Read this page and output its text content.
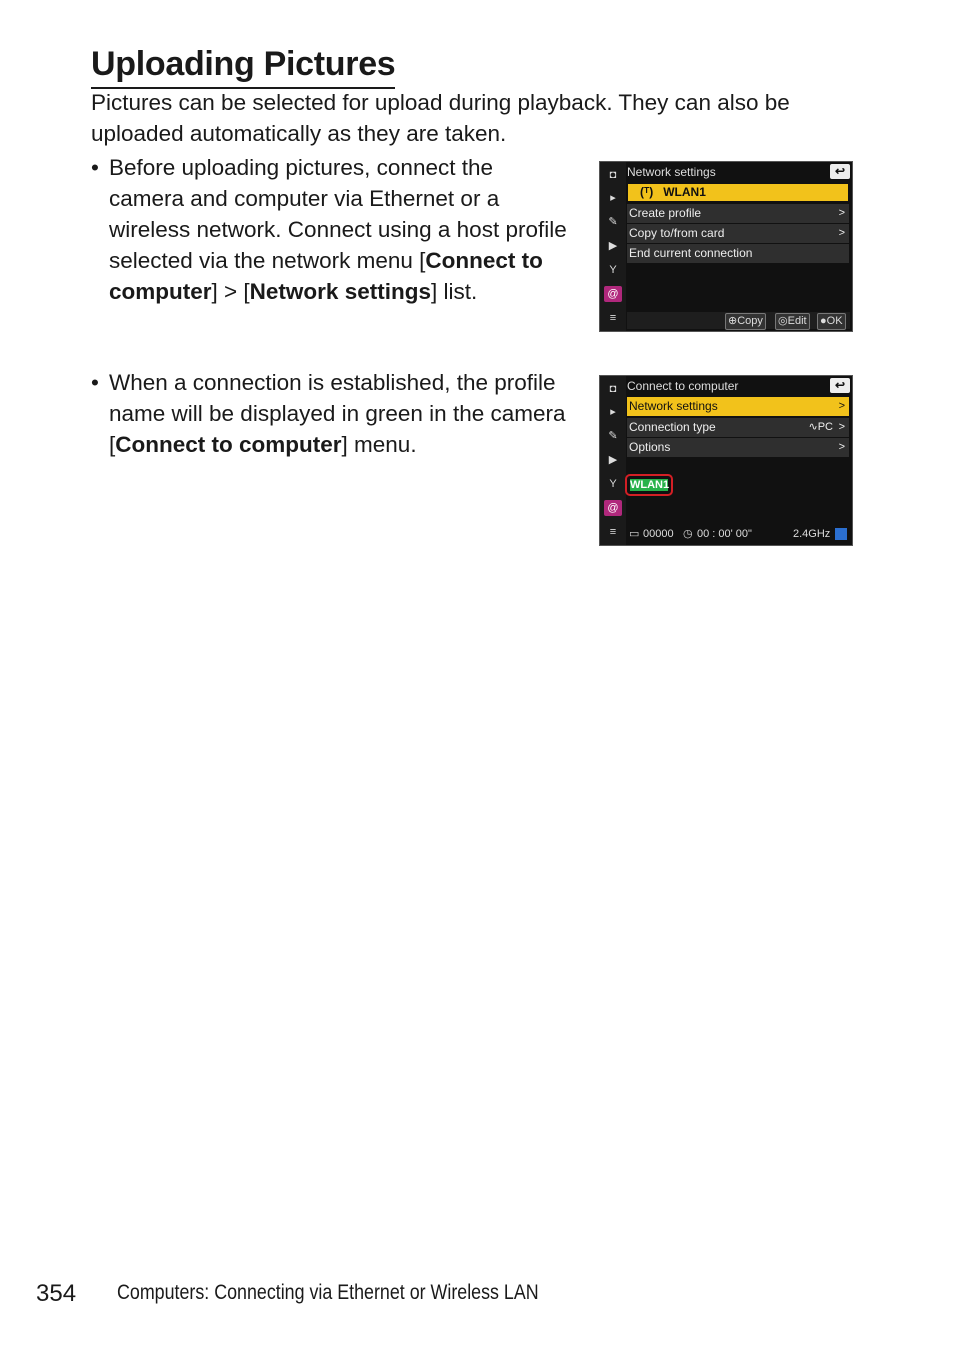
Uploading Pictures

Pictures can be selected for upload during playback. They can also be uploaded automatically as they are taken.

• Before uploading pictures, connect the camera and computer via Ethernet or a wireless network. Connect using a host profile selected via the network menu [Connect to computer] > [Network settings] list.

• When a connection is established, the profile name will be displayed in green in the camera [Connect to computer] menu.

◘
▸
✎
▶
Y
@
≡
Network settings	↩
(ᵀ) WLAN1
Create profile	>
Copy to/from card	>
End current connection
⊕Copy ◎Edit ●OK
◘
▸
✎
▶
Y
@
≡
Connect to computer	↩
Network settings	>
Connection type	∿PC >
Options	>
WLAN1
▭ 00000 ◷ 00 : 00' 00"	2.4GHz
354 Computers: Connecting via Ethernet or Wireless LAN
